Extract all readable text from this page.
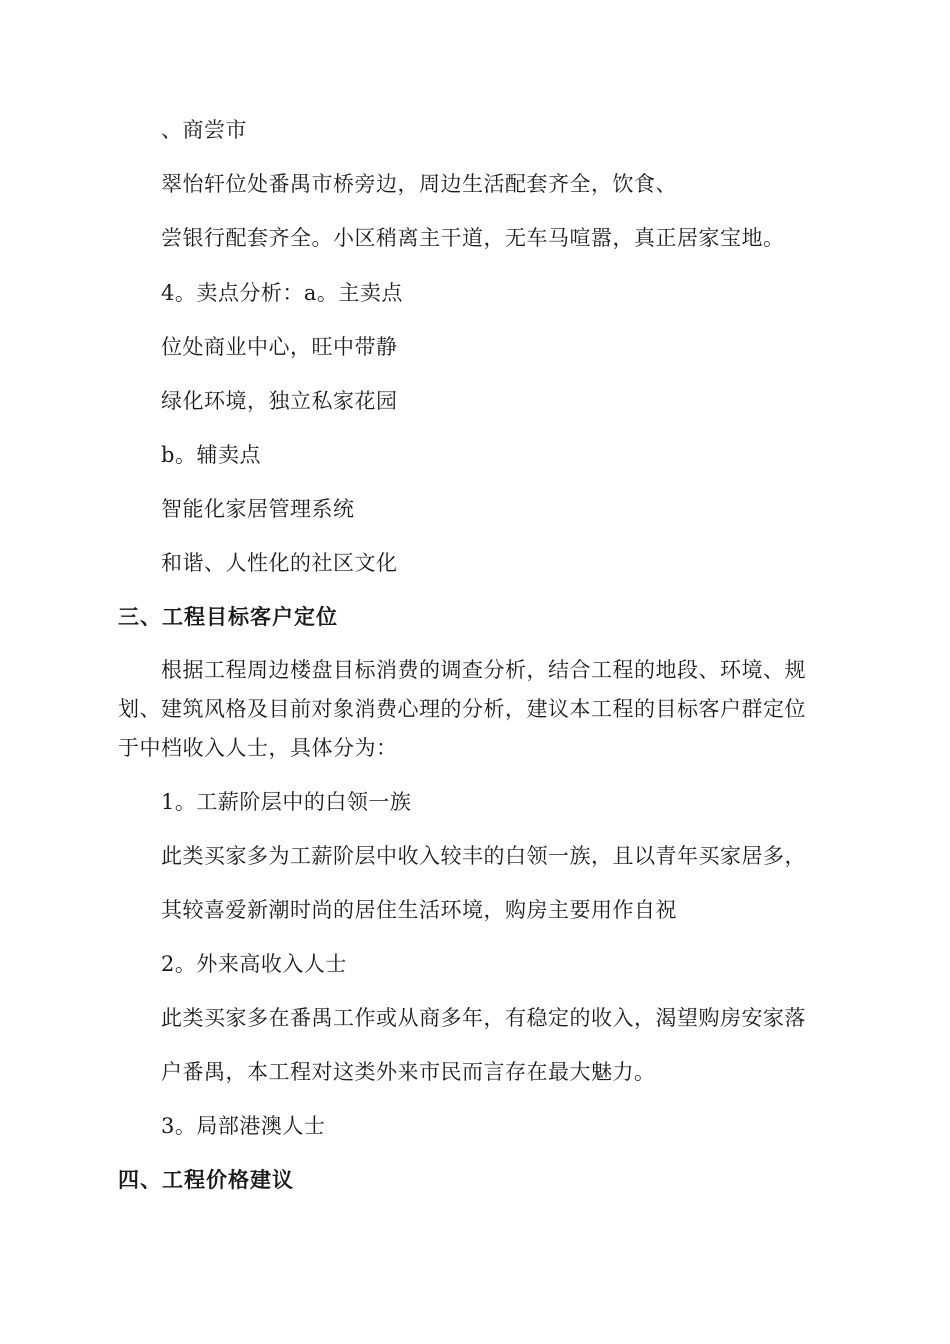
、商尝市
翠怡轩位处番禺市桥旁边，周边生活配套齐全，饮食、
尝银行配套齐全。小区稍离主干道，无车马喧嚣，真正居家宝地。
4。卖点分析：a。主卖点
位处商业中心，旺中带静
绿化环境，独立私家花园
b。辅卖点
智能化家居管理系统
和谐、人性化的社区文化
三、工程目标客户定位
根据工程周边楼盘目标消费的调查分析，结合工程的地段、环境、规
划、建筑风格及目前对象消费心理的分析，建议本工程的目标客户群定位
于中档收入人士，具体分为：
1。工薪阶层中的白领一族
此类买家多为工薪阶层中收入较丰的白领一族，且以青年买家居多，
其较喜爱新潮时尚的居住生活环境，购房主要用作自祝
2。外来高收入人士
此类买家多在番禺工作或从商多年，有稳定的收入，渴望购房安家落
户番禺，本工程对这类外来市民而言存在最大魅力。
3。局部港澳人士
四、工程价格建议
